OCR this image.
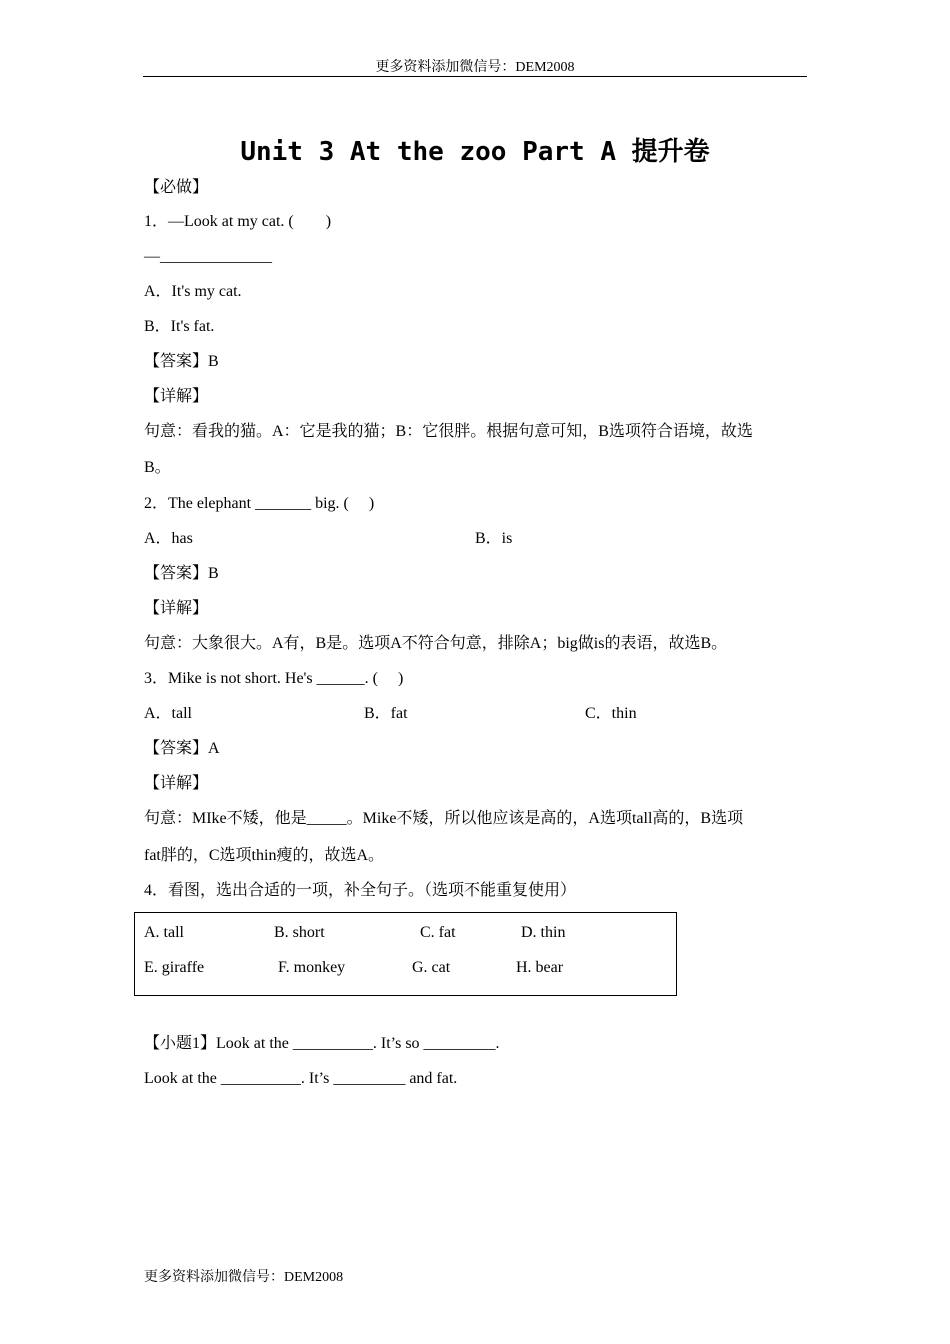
更多资料添加微信号：DEM2008
Unit 3 At the zoo Part A 提升卷
【必做】
1．—Look at my cat. (　　)
—______________
A．It's my cat.
B．It's fat.
【答案】B
【详解】
句意：看我的猫。A：它是我的猫；B：它很胖。根据句意可知，B选项符合语境，故选
B。
2．The elephant _______ big. (　 )
A．has	B．is
【答案】B
【详解】
句意：大象很大。A有，B是。选项A不符合句意，排除A；big做is的表语，故选B。
3．Mike is not short. He's ______. (　 )
A．tall	B．fat	C．thin
【答案】A
【详解】
句意：MIke不矮，他是_____。Mike不矮，所以他应该是高的，A选项tall高的，B选项
fat胖的，C选项thin瘦的，故选A。
4．看图，选出合适的一项，补全句子。（选项不能重复使用）
A. tall	B. short	C. fat	D. thin
E. giraffe	F. monkey	G. cat	H. bear
【小题1】Look at the __________. It’s so _________.
Look at the __________. It’s _________ and fat.
更多资料添加微信号：DEM2008
